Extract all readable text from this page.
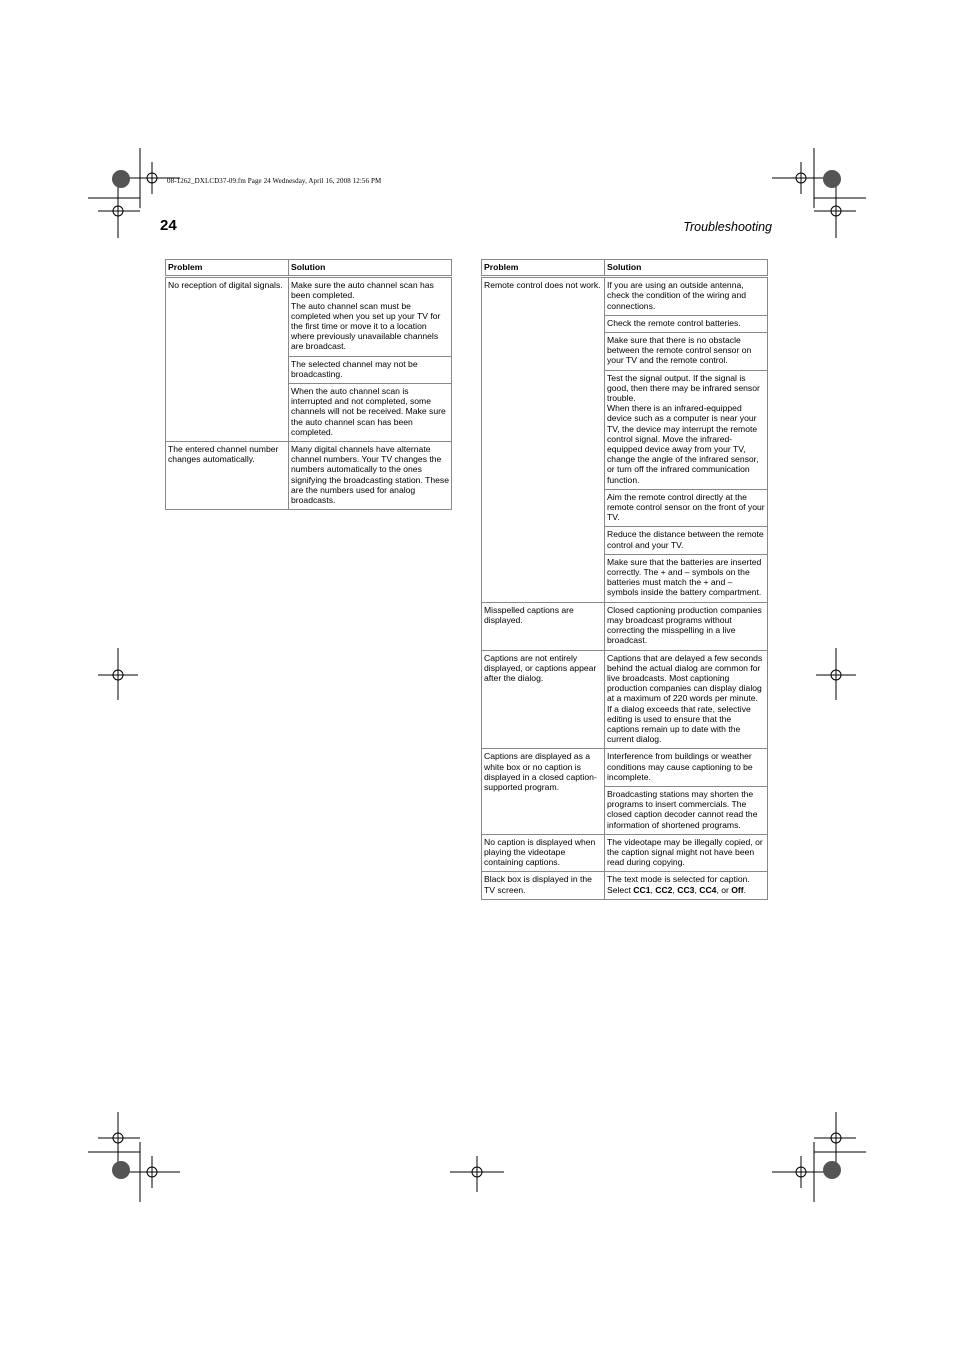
08-1262_DXLCD37-09.fm Page 24 Wednesday, April 16, 2008 12:56 PM
24	Troubleshooting
Problem	Solution
No reception of digital signals.	Make sure the auto channel scan has been completed.
The auto channel scan must be completed when you set up your TV for the first time or move it to a location where previously unavailable channels are broadcast.
	The selected channel may not be broadcasting.
	When the auto channel scan is interrupted and not completed, some channels will not be received. Make sure the auto channel scan has been completed.
The entered channel number changes automatically.	Many digital channels have alternate channel numbers. Your TV changes the numbers automatically to the ones signifying the broadcasting station. These are the numbers used for analog broadcasts.
Problem	Solution
Remote control does not work.	If you are using an outside antenna, check the condition of the wiring and connections.
	Check the remote control batteries.
	Make sure that there is no obstacle between the remote control sensor on your TV and the remote control.
	Test the signal output. If the signal is good, then there may be infrared sensor trouble.
When there is an infrared-equipped device such as a computer is near your TV, the device may interrupt the remote control signal. Move the infrared-equipped device away from your TV, change the angle of the infrared sensor, or turn off the infrared communication function.
	Aim the remote control directly at the remote control sensor on the front of your TV.
	Reduce the distance between the remote control and your TV.
	Make sure that the batteries are inserted correctly. The + and – symbols on the batteries must match the + and – symbols inside the battery compartment.
Misspelled captions are displayed.	Closed captioning production companies may broadcast programs without correcting the misspelling in a live broadcast.
Captions are not entirely displayed, or captions appear after the dialog.	Captions that are delayed a few seconds behind the actual dialog are common for live broadcasts. Most captioning production companies can display dialog at a maximum of 220 words per minute. If a dialog exceeds that rate, selective editing is used to ensure that the captions remain up to date with the current dialog.
Captions are displayed as a white box or no caption is displayed in a closed caption-supported program.	Interference from buildings or weather conditions may cause captioning to be incomplete.
	Broadcasting stations may shorten the programs to insert commercials. The closed caption decoder cannot read the information of shortened programs.
No caption is displayed when playing the videotape containing captions.	The videotape may be illegally copied, or the caption signal might not have been read during copying.
Black box is displayed in the TV screen.	The text mode is selected for caption. Select CC1, CC2, CC3, CC4, or Off.
